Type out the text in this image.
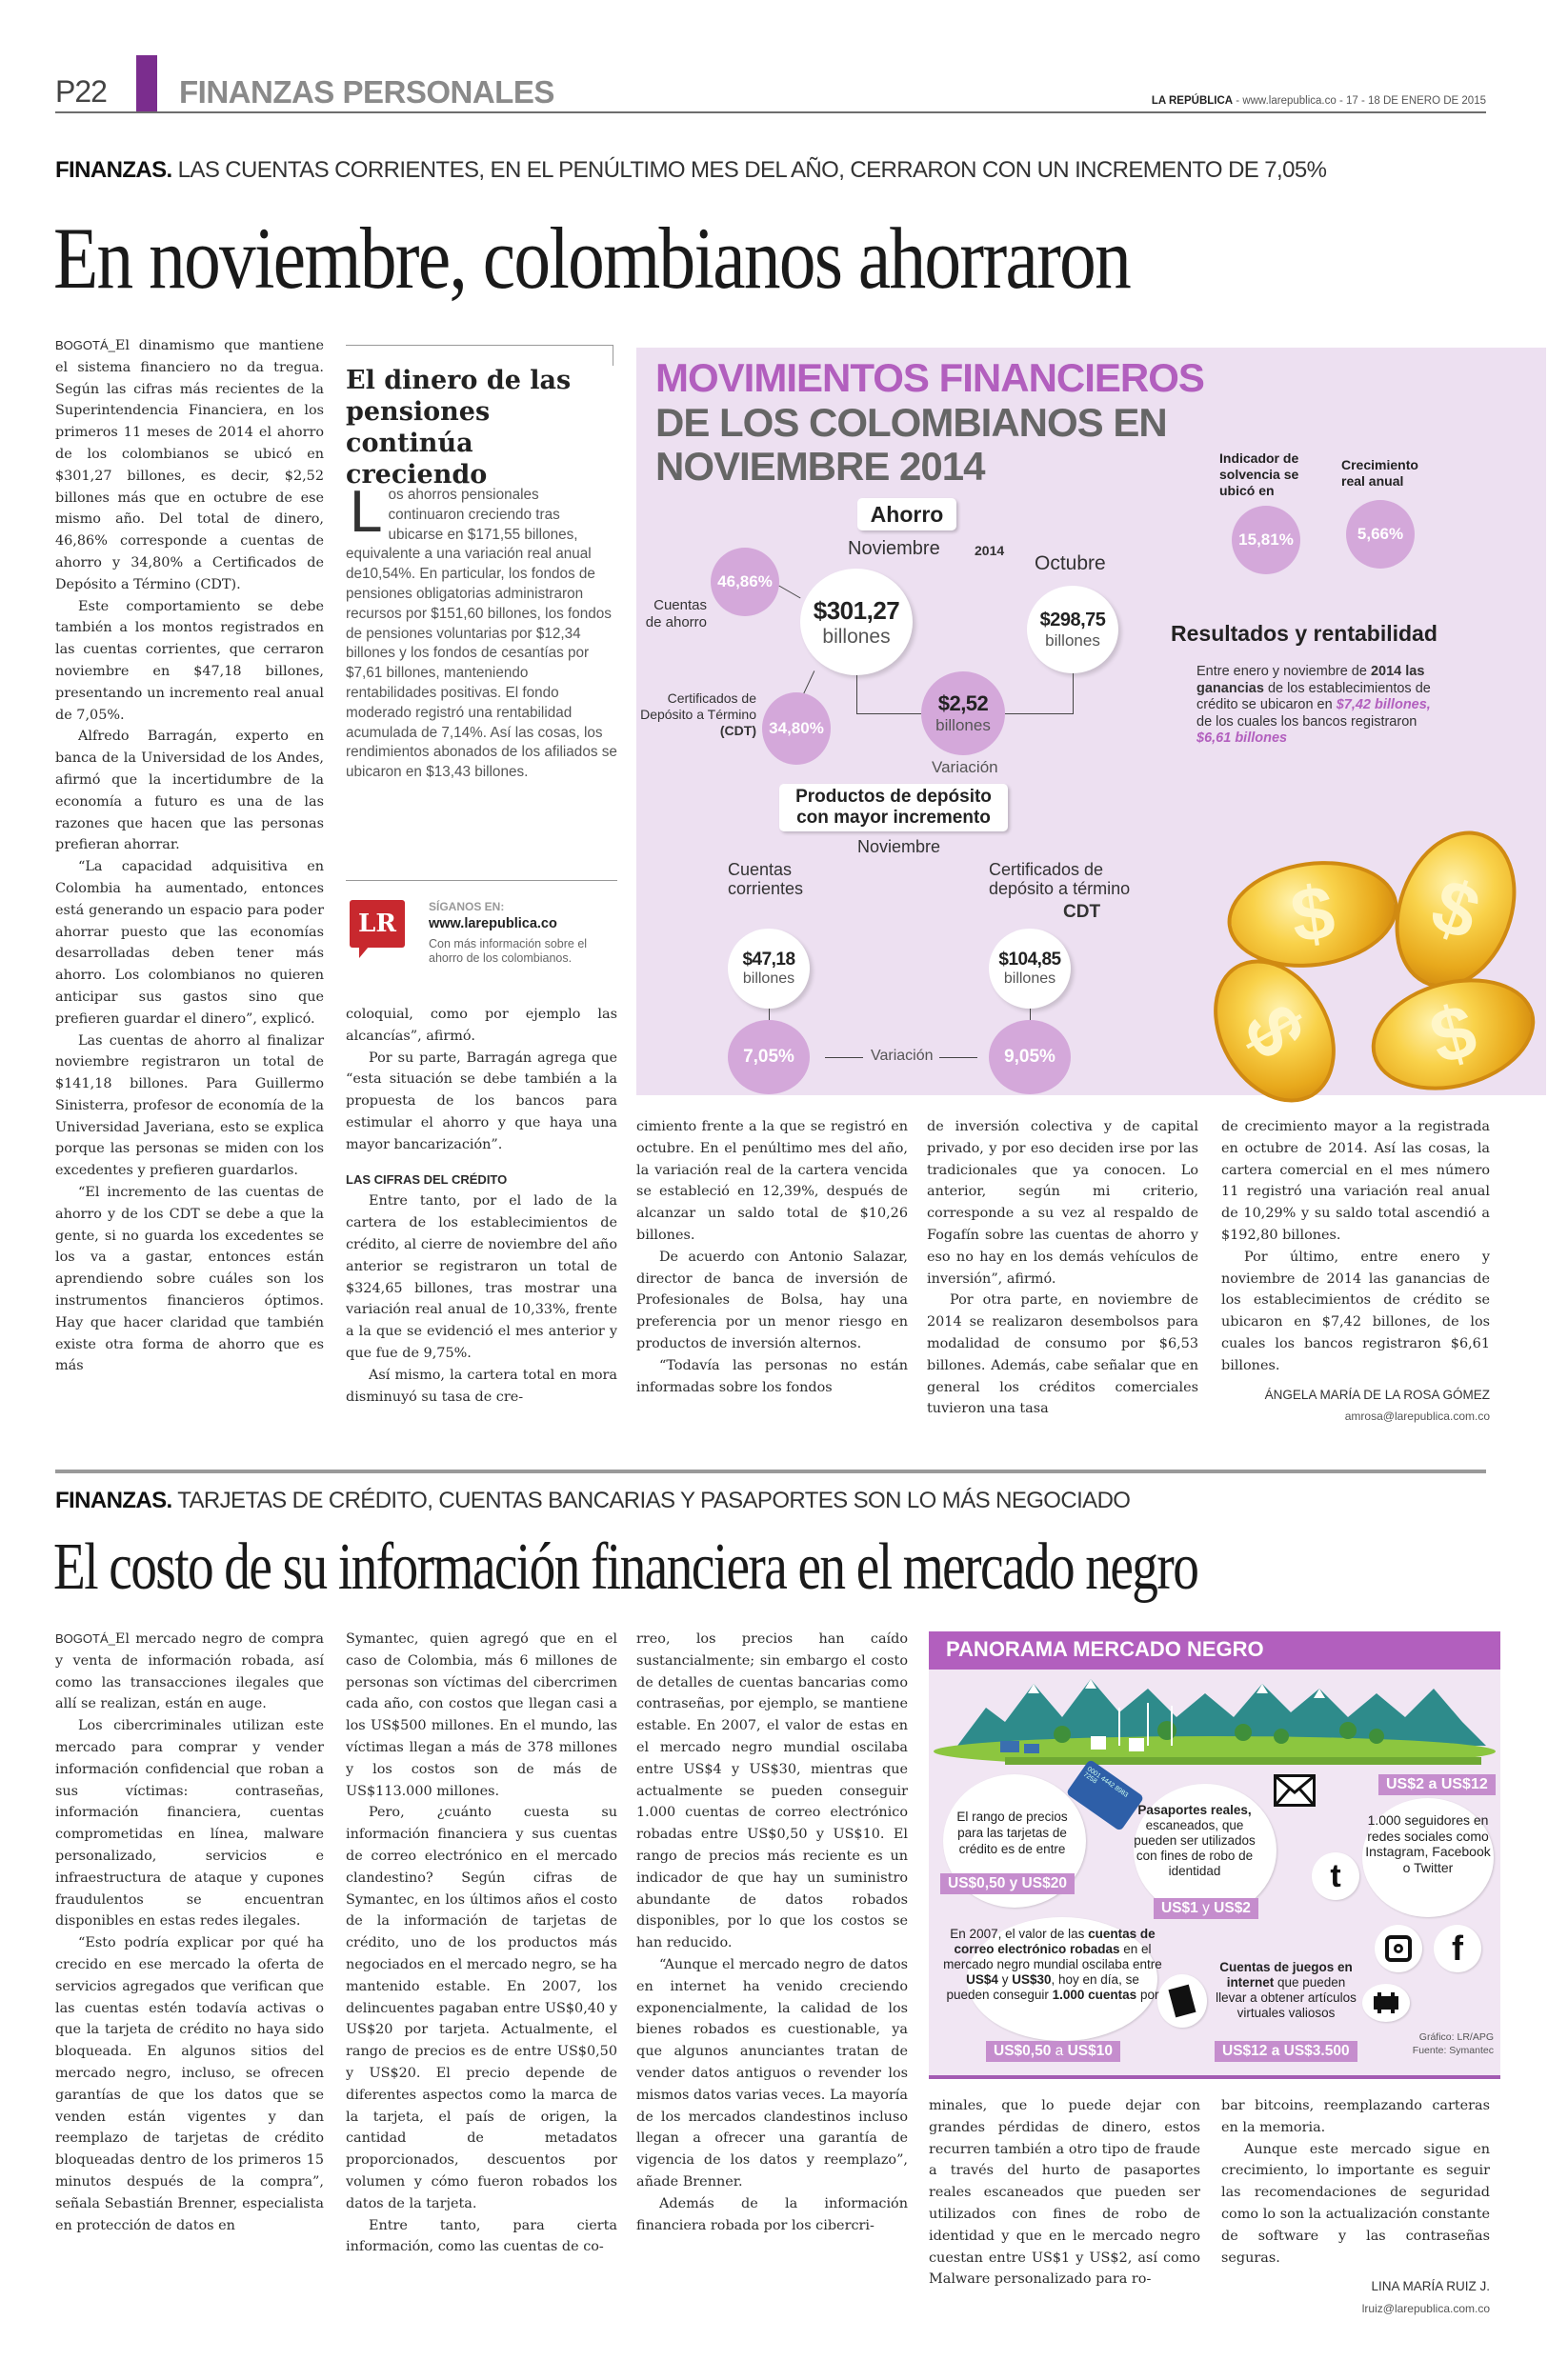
P22 FINANZAS PERSONALES	LA REPÚBLICA - www.larepublica.co - 17 - 18 DE ENERO DE 2015
FINANZAS. LAS CUENTAS CORRIENTES, EN EL PENÚLTIMO MES DEL AÑO, CERRARON CON UN INCREMENTO DE 7,05%
En noviembre, colombianos ahorraron

BOGOTÁ_El dinamismo que mantiene el sistema financiero no da tregua. Según las cifras más recientes de la Superintendencia Financiera, en los primeros 11 meses de 2014 el ahorro de los colombianos se ubicó en $301,27 billones, es decir, $2,52 billones más que en octubre de ese mismo año. Del total de dinero, 46,86% corresponde a cuentas de ahorro y 34,80% a Certificados de Depósito a Término (CDT).

Este comportamiento se debe también a los montos registrados en las cuentas corrientes, que cerraron noviembre en $47,18 billones, presentando un incremento real anual de 7,05%.

Alfredo Barragán, experto en banca de la Universidad de los Andes, afirmó que la incertidumbre de la economía a futuro es una de las razones que hacen que las personas prefieran ahorrar.

“La capacidad adquisitiva en Colombia ha aumentado, entonces está generando un espacio para poder ahorrar puesto que las economías desarrolladas deben tener más ahorro. Los colombianos no quieren anticipar sus gastos sino que prefieren guardar el dinero”, explicó.

Las cuentas de ahorro al finalizar noviembre registraron un total de $141,18 billones. Para Guillermo Sinisterra, profesor de economía de la Universidad Javeriana, esto se explica porque las personas se miden con los excedentes y prefieren guardarlos.

“El incremento de las cuentas de ahorro y de los CDT se debe a que la gente, si no guarda los excedentes se los va a gastar, entonces están aprendiendo sobre cuáles son los instrumentos financieros óptimos. Hay que hacer claridad que también existe otra forma de ahorro que es más

El dinero de las pensiones continúa creciendo
Los ahorros pensionales continuaron creciendo tras ubicarse en $171,55 billones, equivalente a una variación real anual de10,54%. En particular, los fondos de pensiones obligatorias administraron recursos por $151,60 billones, los fondos de pensiones voluntarias por $12,34 billones y los fondos de cesantías por $7,61 billones, manteniendo rentabilidades positivas. El fondo moderado registró una rentabilidad acumulada de 7,14%. Así las cosas, los rendimientos abonados de los afiliados se ubicaron en $13,43 billones.
LR
SÍGANOS EN:
www.larepublica.co
Con más información sobre el ahorro de los colombianos.

coloquial, como por ejemplo las alcancías”, afirmó.

Por su parte, Barragán agrega que “esta situación se debe también a la propuesta de los bancos para estimular el ahorro y que haya una mayor bancarización”.

LAS CIFRAS DEL CRÉDITO

Entre tanto, por el lado de la cartera de los establecimientos de crédito, al cierre de noviembre del año anterior se registraron un total de $324,65 billones, tras mostrar una variación real anual de 10,33%, frente a la que se evidenció el mes anterior y que fue de 9,75%.

Así mismo, la cartera total en mora disminuyó su tasa de cre-

cimiento frente a la que se registró en octubre. En el penúltimo mes del año, la variación real de la cartera vencida se estableció en 12,39%, después de alcanzar un saldo total de $10,26 billones.

De acuerdo con Antonio Salazar, director de banca de inversión de Profesionales de Bolsa, hay una preferencia por un menor riesgo en productos de inversión alternos.

“Todavía las personas no están informadas sobre los fondos

de inversión colectiva y de capital privado, y por eso deciden irse por las tradicionales que ya conocen. Lo anterior, según mi criterio, corresponde a su vez al respaldo de Fogafín sobre las cuentas de ahorro y eso no hay en los demás vehículos de inversión”, afirmó.

Por otra parte, en noviembre de 2014 se realizaron desembolsos para modalidad de consumo por $6,53 billones. Además, cabe señalar que en general los créditos comerciales tuvieron una tasa

de crecimiento mayor a la registrada en octubre de 2014. Así las cosas, la cartera comercial en el mes número 11 registró una variación real anual de 10,29% y su saldo total ascendió a $192,80 billones.

Por último, entre enero y noviembre de 2014 las ganancias de los establecimientos de crédito se ubicaron en $7,42 billones, de los cuales los bancos registraron $6,61 billones.

ÁNGELA MARÍA DE LA ROSA GÓMEZ
amrosa@larepublica.com.co
MOVIMIENTOS FINANCIEROS
DE LOS COLOMBIANOS EN NOVIEMBRE 2014
Ahorro
Noviembre	2014
Octubre
46,86%
Cuentas de ahorro	$301,27
billones
$298,75
billones
34,80%
Certificados de Depósito a Término (CDT)
$2,52
billones
Variación
Productos de depósito con mayor incremento
Noviembre
Cuentas corrientes
Certificados de depósito a término
CDT
$47,18
billones
7,05%
$104,85
billones
9,05%
Variación
Indicador de solvencia se ubicó en
Crecimiento real anual
15,81%	5,66%
Resultados y rentabilidad
Entre enero y noviembre de 2014 las ganancias de los establecimientos de crédito se ubicaron en $7,42 billones, de los cuales los bancos registraron $6,61 billones
$ $
$ $
FINANZAS. TARJETAS DE CRÉDITO, CUENTAS BANCARIAS Y PASAPORTES SON LO MÁS NEGOCIADO
El costo de su información financiera en el mercado negro

BOGOTÁ_El mercado negro de compra y venta de información robada, así como las transacciones ilegales que allí se realizan, están en auge.

Los cibercriminales utilizan este mercado para comprar y vender información confidencial que roban a sus víctimas: contraseñas, información financiera, cuentas comprometidas en línea, malware personalizado, servicios e infraestructura de ataque y cupones fraudulentos se encuentran disponibles en estas redes ilegales.

“Esto podría explicar por qué ha crecido en ese mercado la oferta de servicios agregados que verifican que las cuentas estén todavía activas o que la tarjeta de crédito no haya sido bloqueada. En algunos sitios del mercado negro, incluso, se ofrecen garantías de que los datos que se venden están vigentes y dan reemplazo de tarjetas de crédito bloqueadas dentro de los primeros 15 minutos después de la compra”, señala Sebastián Brenner, especialista en protección de datos en

Symantec, quien agregó que en el caso de Colombia, más 6 millones de personas son víctimas del cibercrimen cada año, con costos que llegan casi a los US$500 millones. En el mundo, las víctimas llegan a más de 378 millones y los costos son de más de US$113.000 millones.

Pero, ¿cuánto cuesta su información financiera y sus cuentas de correo electrónico en el mercado clandestino? Según cifras de Symantec, en los últimos años el costo de la información de tarjetas de crédito, uno de los productos más negociados en el mercado negro, se ha mantenido estable. En 2007, los delincuentes pagaban entre US$0,40 y US$20 por tarjeta. Actualmente, el rango de precios es de entre US$0,50 y US$20. El precio depende de diferentes aspectos como la marca de la tarjeta, el país de origen, la cantidad de metadatos proporcionados, descuentos por volumen y cómo fueron robados los datos de la tarjeta.

Entre tanto, para cierta información, como las cuentas de co-

rreo, los precios han caído sustancialmente; sin embargo el costo de detalles de cuentas bancarias como contraseñas, por ejemplo, se mantiene estable. En 2007, el valor de estas en el mercado negro mundial oscilaba entre US$4 y US$30, mientras que actualmente se pueden conseguir 1.000 cuentas de correo electrónico robadas entre US$0,50 y US$10. El rango de precios más reciente es un indicador de que hay un suministro abundante de datos robados disponibles, por lo que los costos se han reducido.

“Aunque el mercado negro de datos en internet ha venido creciendo exponencialmente, la calidad de los bienes robados es cuestionable, ya que algunos anunciantes tratan de vender datos antiguos o revender los mismos datos varias veces. La mayoría de los mercados clandestinos incluso llegan a ofrecer una garantía de vigencia de los datos y reemplazo”, añade Brenner.

Además de la información financiera robada por los cibercri-

minales, que lo puede dejar con grandes pérdidas de dinero, estos recurren también a otro tipo de fraude a través del hurto de pasaportes reales escaneados que pueden ser utilizados con fines de robo de identidad y que en le mercado negro cuestan entre US$1 y US$2, así como Malware personalizado para ro-

bar bitcoins, reemplazando carteras en la memoria.

Aunque este mercado sigue en crecimiento, lo importante es seguir las recomendaciones de seguridad como lo son la actualización constante de software y las contraseñas seguras.

LINA MARÍA RUIZ J.
lruiz@larepublica.com.co
PANORAMA MERCADO NEGRO
0001 4442 8983 7258
El rango de precios para las tarjetas de crédito es de entre
US$0,50 y US$20
Pasaportes reales, escaneados, que pueden ser utilizados con fines de robo de identidad
US$1 y US$2
US$2 a US$12
1.000 seguidores en redes sociales como Instagram, Facebook o Twitter
t
f
En 2007, el valor de las cuentas de correo electrónico robadas en el mercado negro mundial oscilaba entre US$4 y US$30, hoy en día, se pueden conseguir 1.000 cuentas por
US$0,50 a US$10
Cuentas de juegos en internet que pueden llevar a obtener artículos virtuales valiosos
US$12 a US$3.500
Gráfico: LR/APG
Fuente: Symantec
